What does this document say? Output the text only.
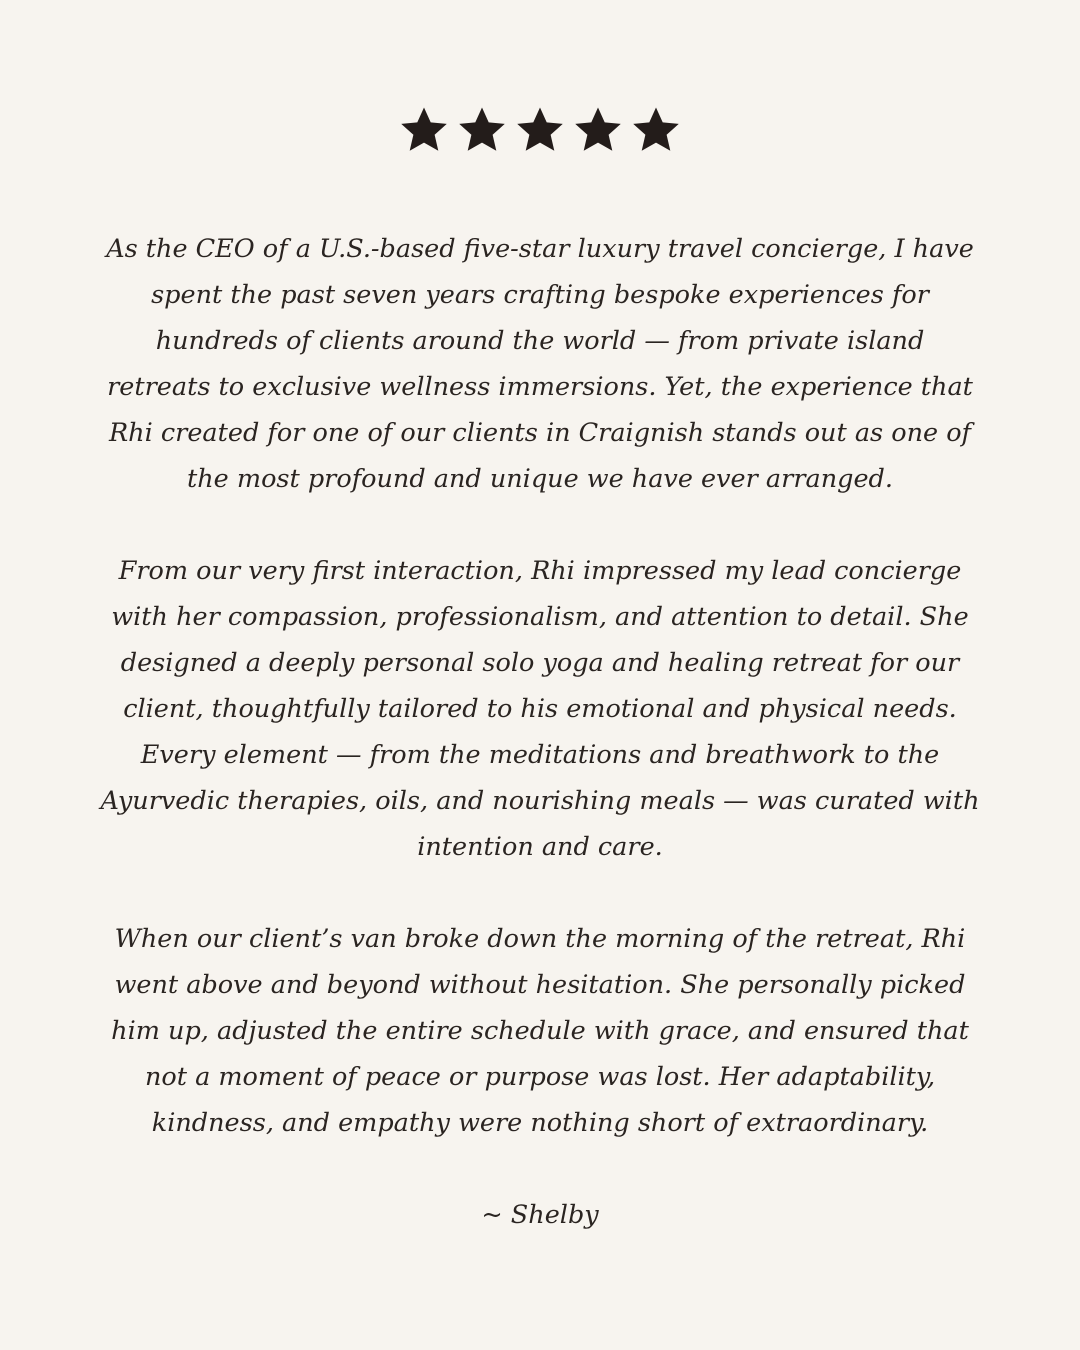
As the CEO of a U.S.-based five-star luxury travel concierge, I have spent the past seven years crafting bespoke experiences for hundreds of clients around the world — from private island retreats to exclusive wellness immersions. Yet, the experience that Rhi created for one of our clients in Craignish stands out as one of the most profound and unique we have ever arranged.

From our very first interaction, Rhi impressed my lead concierge with her compassion, professionalism, and attention to detail. She designed a deeply personal solo yoga and healing retreat for our client, thoughtfully tailored to his emotional and physical needs. Every element — from the meditations and breathwork to the Ayurvedic therapies, oils, and nourishing meals — was curated with intention and care.

When our client’s van broke down the morning of the retreat, Rhi went above and beyond without hesitation. She personally picked him up, adjusted the entire schedule with grace, and ensured that not a moment of peace or purpose was lost. Her adaptability, kindness, and empathy were nothing short of extraordinary.

~ Shelby
